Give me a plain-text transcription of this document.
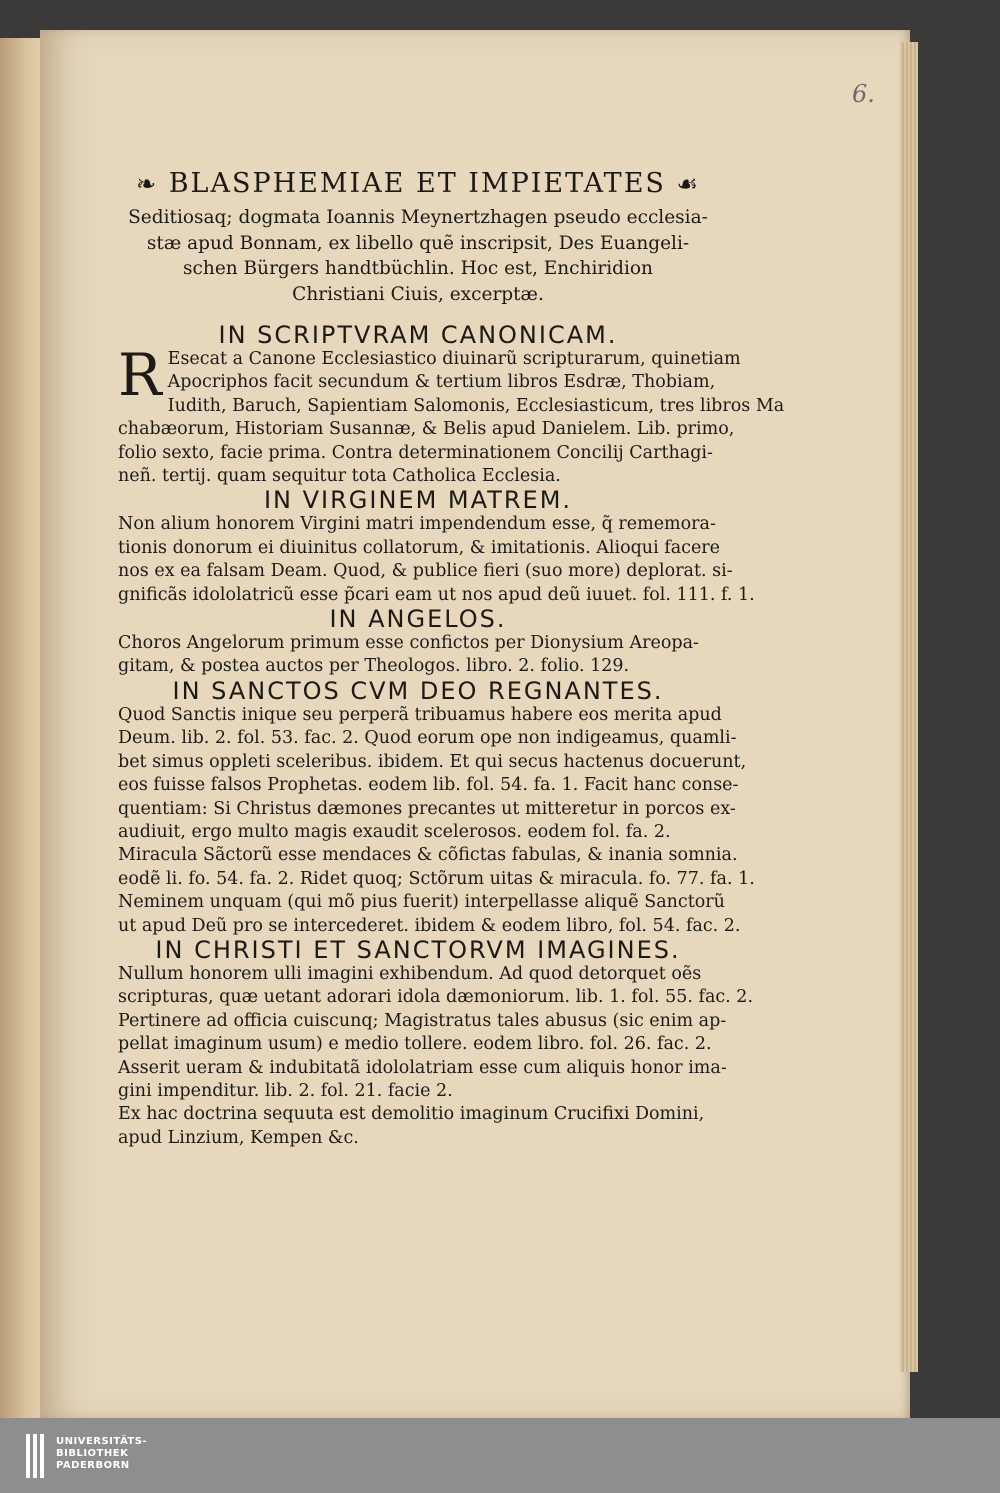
6.
❧ BLASPHEMIAE ET IMPIETATES ☙
Seditiosaq; dogmata Ioannis Meynertzhagen pseudo ecclesia-
stæ apud Bonnam, ex libello quẽ inscripsit, Des Euangeli-
schen Bürgers handtbüchlin. Hoc est, Enchiridion
Christiani Ciuis, excerptæ.
IN SCRIPTVRAM CANONICAM.
R Esecat a Canone Ecclesiastico diuinarũ scripturarum, quinetiam
Apocriphos facit secundum & tertium libros Esdræ, Thobiam,
Iudith, Baruch, Sapientiam Salomonis, Ecclesiasticum, tres libros Ma
chabæorum, Historiam Susannæ, & Belis apud Danielem. Lib. primo,
folio sexto, facie prima. Contra determinationem Concilij Carthagi-
neñ. tertij. quam sequitur tota Catholica Ecclesia.
IN VIRGINEM MATREM.
Non alium honorem Virgini matri impendendum esse, q̃ rememora-
tionis donorum ei diuinitus collatorum, & imitationis. Alioqui facere
nos ex ea falsam Deam. Quod, & publice fieri (suo more) deplorat. si-
gnificãs idololatricũ esse p̃cari eam ut nos apud deũ iuuet. fol. 111. f. 1.
IN ANGELOS.
Choros Angelorum primum esse confictos per Dionysium Areopa-
gitam, & postea auctos per Theologos. libro. 2. folio. 129.
IN SANCTOS CVM DEO REGNANTES.
Quod Sanctis inique seu perperã tribuamus habere eos merita apud
Deum. lib. 2. fol. 53. fac. 2. Quod eorum ope non indigeamus, quamli-
bet simus oppleti sceleribus. ibidem. Et qui secus hactenus docuerunt,
eos fuisse falsos Prophetas. eodem lib. fol. 54. fa. 1. Facit hanc conse-
quentiam: Si Christus dæmones precantes ut mitteretur in porcos ex-
audiuit, ergo multo magis exaudit scelerosos. eodem fol. fa. 2.
Miracula Sãctorũ esse mendaces & cõfictas fabulas, & inania somnia.
eodẽ li. fo. 54. fa. 2. Ridet quoq; Sctõrum uitas & miracula. fo. 77. fa. 1.
Neminem unquam (qui mõ pius fuerit) interpellasse aliquẽ Sanctorũ
ut apud Deũ pro se intercederet. ibidem & eodem libro, fol. 54. fac. 2.
IN CHRISTI ET SANCTORVM IMAGINES.
Nullum honorem ulli imagini exhibendum. Ad quod detorquet oẽs
scripturas, quæ uetant adorari idola dæmoniorum. lib. 1. fol. 55. fac. 2.
Pertinere ad officia cuiscunq; Magistratus tales abusus (sic enim ap-
pellat imaginum usum) e medio tollere. eodem libro. fol. 26. fac. 2.
Asserit ueram & indubitatã idololatriam esse cum aliquis honor ima-
gini impenditur. lib. 2. fol. 21. facie 2.
Ex hac doctrina sequuta est demolitio imaginum Crucifixi Domini,
apud Linzium, Kempen &c.
UNIVERSITÄTS-
BIBLIOTHEK
PADERBORN
